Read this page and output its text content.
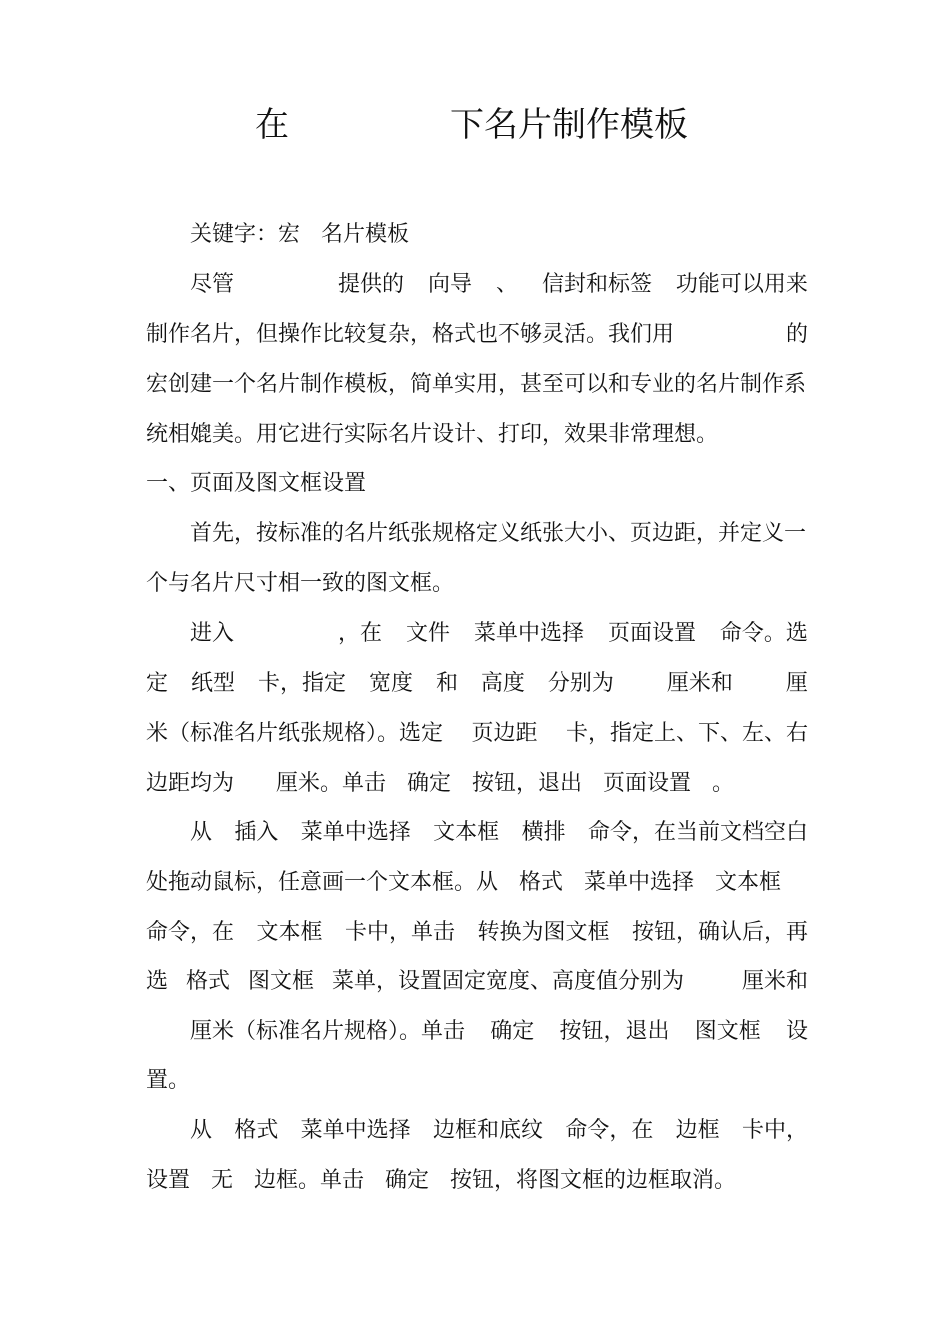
在	下名片制作模板
关键字：宏 名片模板
尽管	提供的 向导 、 信封和标签 功能可以用来
制作名片，但操作比较复杂，格式也不够灵活。我们用	的
宏创建一个名片制作模板，简单实用，甚至可以和专业的名片制作系
统相媲美。用它进行实际名片设计、打印，效果非常理想。
一、页面及图文框设置
首先，按标准的名片纸张规格定义纸张大小、页边距，并定义一
个与名片尺寸相一致的图文框。
进入	，在 文件 菜单中选择 页面设置 命令。选
定 纸型 卡，指定 宽度 和 高度 分别为 厘米和 厘
米（标准名片纸张规格）。选定 页边距 卡，指定上、下、左、右
边距均为 厘米。单击 确定 按钮，退出 页面设置 。
从 插入 菜单中选择 文本框 横排 命令，在当前文档空白
处拖动鼠标，任意画一个文本框。从 格式 菜单中选择 文本框
命令，在 文本框 卡中，单击 转换为图文框 按钮，确认后，再
选 格式 图文框 菜单，设置固定宽度、高度值分别为	厘米和
厘米（标准名片规格）。单击 确定 按钮，退出 图文框 设
置。
从 格式 菜单中选择 边框和底纹 命令，在 边框 卡中，
设置 无 边框。单击 确定 按钮，将图文框的边框取消。
